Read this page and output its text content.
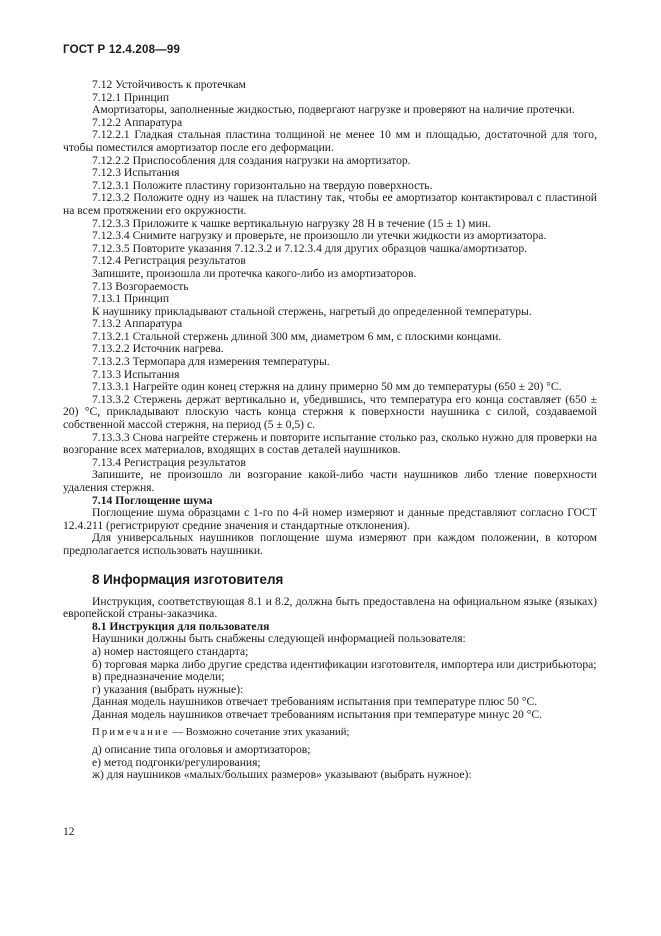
ГОСТ Р 12.4.208—99

7.12 Устойчивость к протечкам

7.12.1 Принцип

Амортизаторы, заполненные жидкостью, подвергают нагрузке и проверяют на наличие протечки.

7.12.2 Аппаратура

7.12.2.1 Гладкая стальная пластина толщиной не менее 10 мм и площадью, достаточной для того, чтобы поместился амортизатор после его деформации.

7.12.2.2 Приспособления для создания нагрузки на амортизатор.

7.12.3 Испытания

7.12.3.1 Положите пластину горизонтально на твердую поверхность.

7.12.3.2 Положите одну из чашек на пластину так, чтобы ее амортизатор контактировал с пластиной на всем протяжении его окружности.

7.12.3.3 Приложите к чашке вертикальную нагрузку 28 Н в течение (15 ± 1) мин.

7.12.3.4 Снимите нагрузку и проверьте, не произошло ли утечки жидкости из амортизатора.

7.12.3.5 Повторите указания 7.12.3.2 и 7.12.3.4 для других образцов чашка/амортизатор.

7.12.4 Регистрация результатов

Запишите, произошла ли протечка какого-либо из амортизаторов.

7.13 Возгораемость

7.13.1 Принцип

К наушнику прикладывают стальной стержень, нагретый до определенной температуры.

7.13.2 Аппаратура

7.13.2.1 Стальной стержень длиной 300 мм, диаметром 6 мм, с плоскими концами.

7.13.2.2 Источник нагрева.

7.13.2.3 Термопара для измерения температуры.

7.13.3 Испытания

7.13.3.1 Нагрейте один конец стержня на длину примерно 50 мм до температуры (650 ± 20) °С.

7.13.3.2 Стержень держат вертикально и, убедившись, что температура его конца составляет (650 ± 20) °С, прикладывают плоскую часть конца стержня к поверхности наушника с силой, создаваемой собственной массой стержня, на период (5 ± 0,5) с.

7.13.3.3 Снова нагрейте стержень и повторите испытание столько раз, сколько нужно для проверки на возгорание всех материалов, входящих в состав деталей наушников.

7.13.4 Регистрация результатов

Запишите, не произошло ли возгорание какой-либо части наушников либо тление поверхности удаления стержня.

7.14 Поглощение шума

Поглощение шума образцами с 1-го по 4-й номер измеряют и данные представляют согласно ГОСТ 12.4.211 (регистрируют средние значения и стандартные отклонения).

Для универсальных наушников поглощение шума измеряют при каждом положении, в котором предполагается использовать наушники.

8 Информация изготовителя

Инструкция, соответствующая 8.1 и 8.2, должна быть предоставлена на официальном языке (языках) европейской страны-заказчика.

8.1 Инструкция для пользователя

Наушники должны быть снабжены следующей информацией пользователя:

а) номер настоящего стандарта;

б) торговая марка либо другие средства идентификации изготовителя, импортера или дистрибьютора;

в) предназначение модели;

г) указания (выбрать нужные):

Данная модель наушников отвечает требованиям испытания при температуре плюс 50 °С.

Данная модель наушников отвечает требованиям испытания при температуре минус 20 °С.

Примечание — Возможно сочетание этих указаний;

д) описание типа оголовья и амортизаторов;

е) метод подгонки/регулирования;

ж) для наушников «малых/больших размеров» указывают (выбрать нужное):

12
